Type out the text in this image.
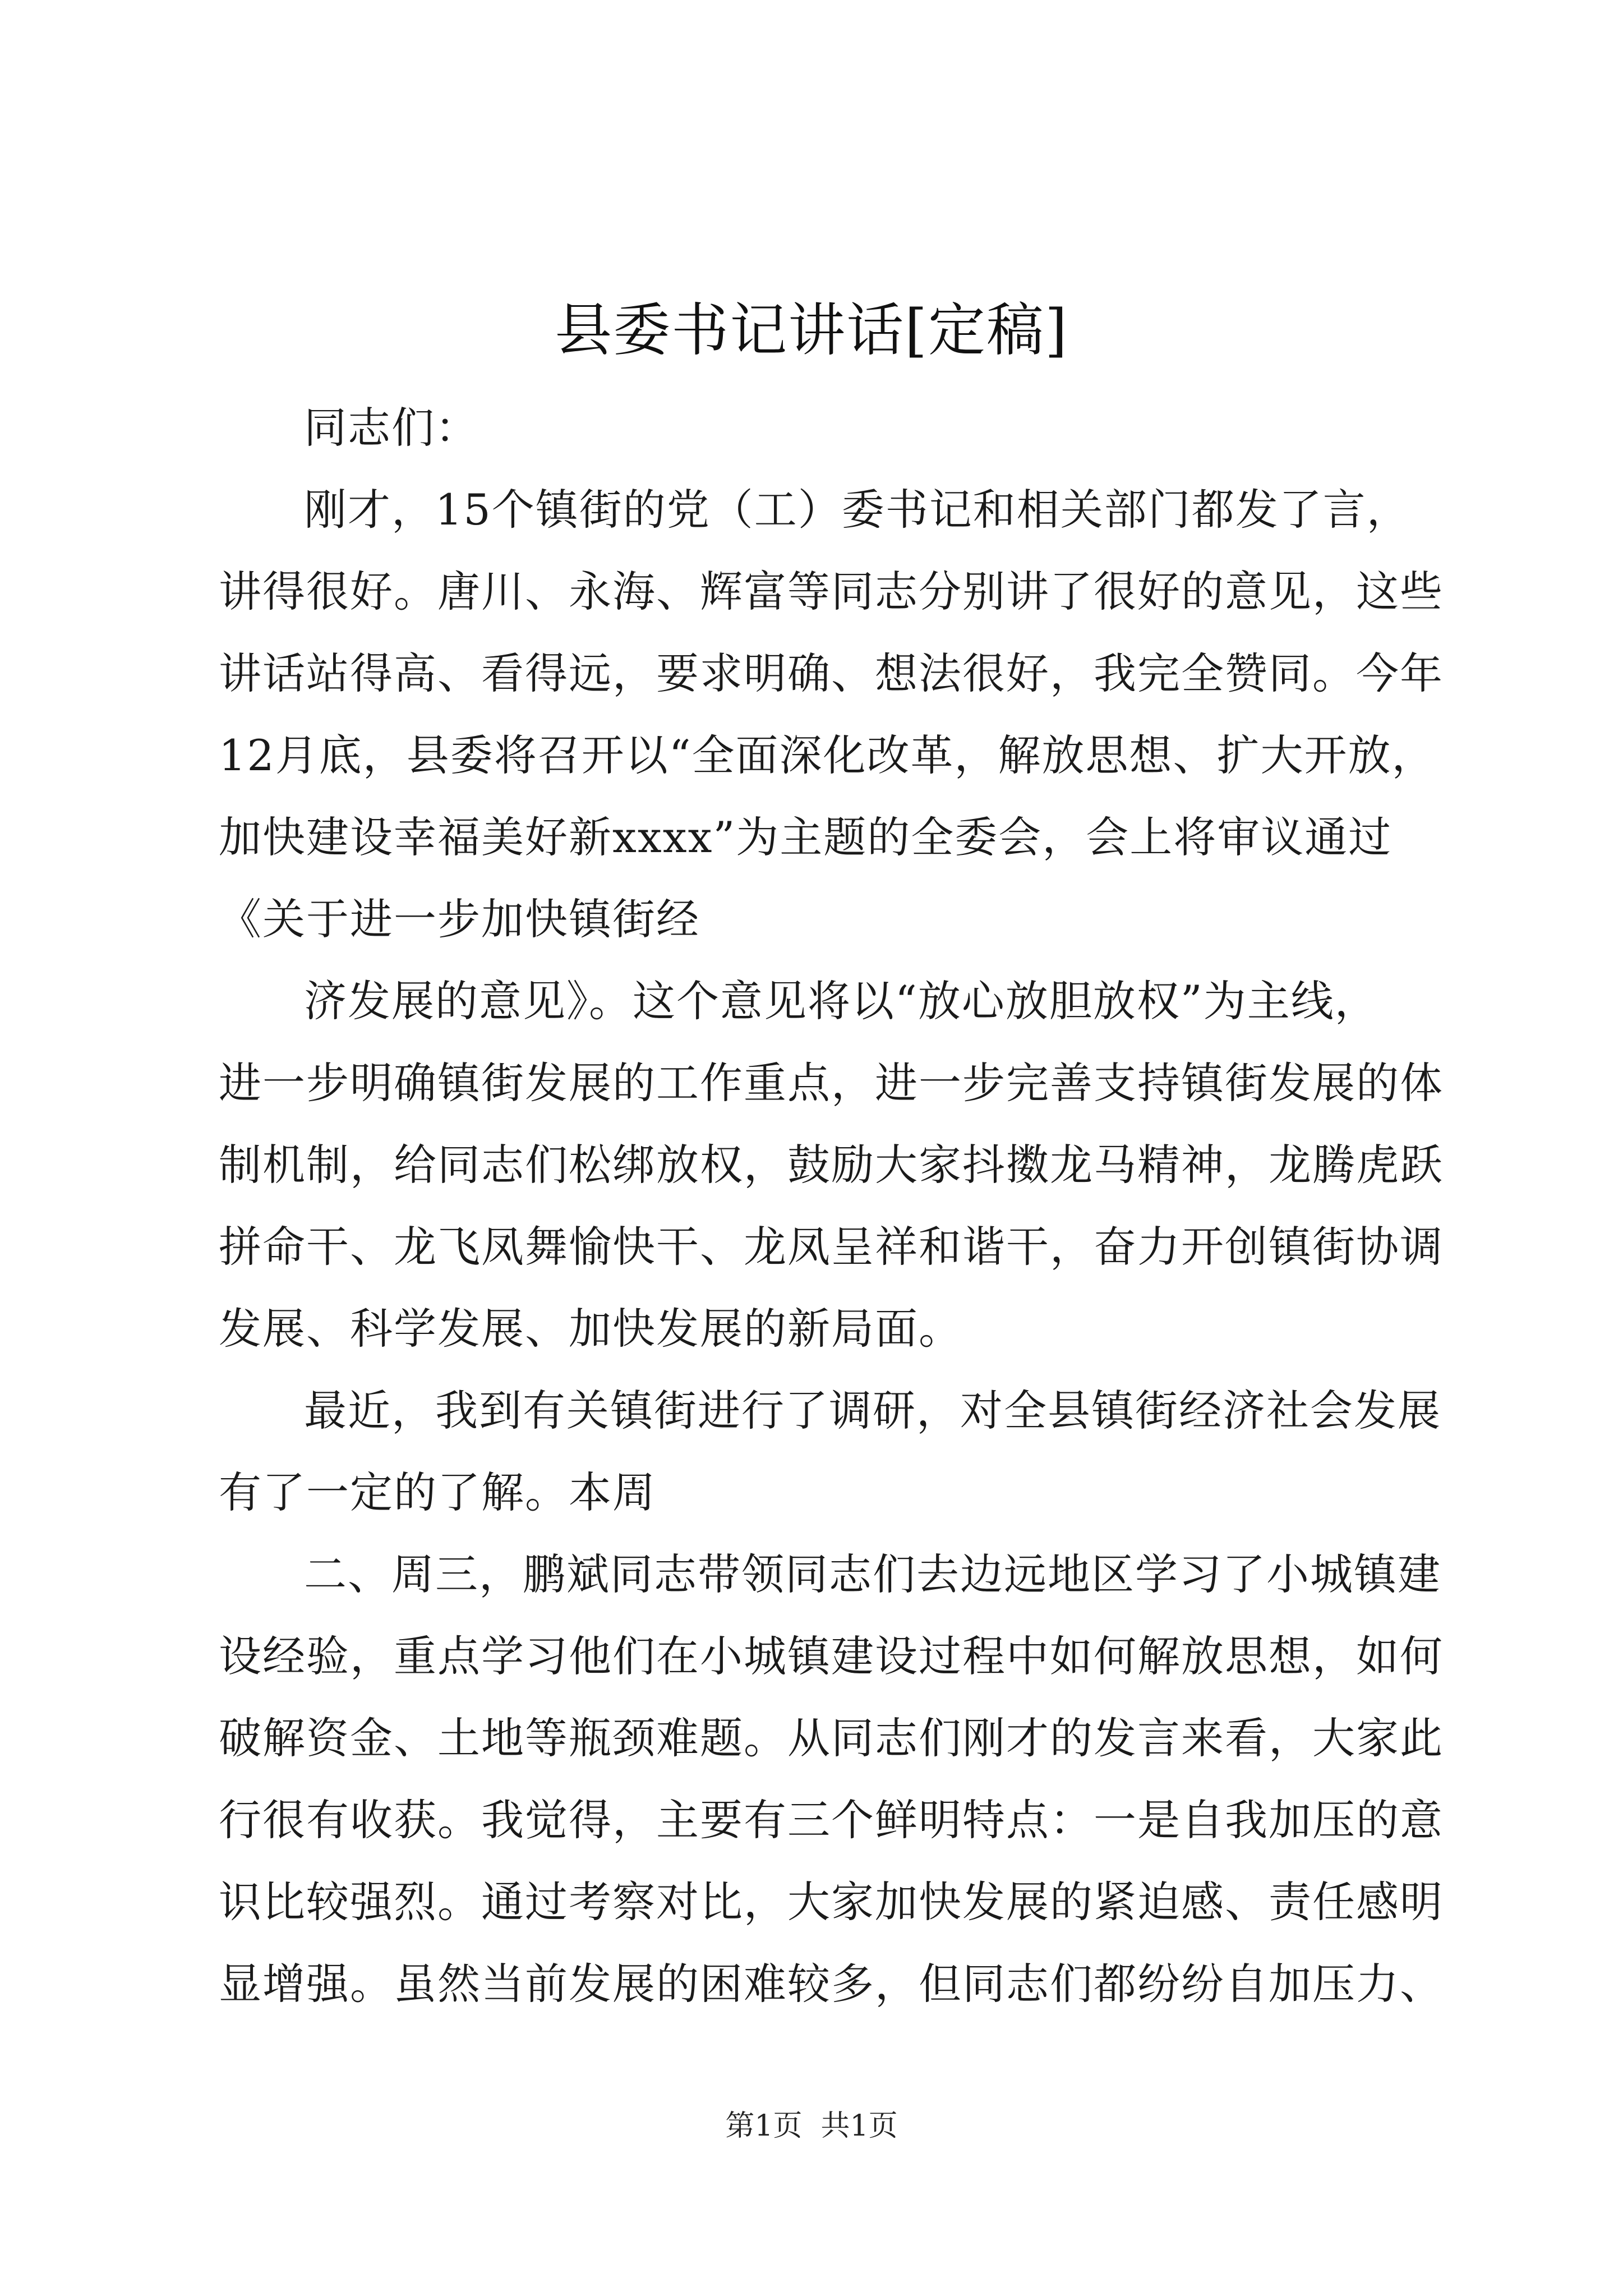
县委书记讲话[定稿]
同志们：
刚才，15个镇街的党（工）委书记和相关部门都发了言，
讲得很好。唐川、永海、辉富等同志分别讲了很好的意见，这些
讲话站得高、看得远，要求明确、想法很好，我完全赞同。今年
12月底，县委将召开以“全面深化改革，解放思想、扩大开放，
加快建设幸福美好新xxxx”为主题的全委会，会上将审议通过
《关于进一步加快镇街经
济发展的意见》。这个意见将以“放心放胆放权”为主线，
进一步明确镇街发展的工作重点，进一步完善支持镇街发展的体
制机制，给同志们松绑放权，鼓励大家抖擞龙马精神，龙腾虎跃
拼命干、龙飞凤舞愉快干、龙凤呈祥和谐干，奋力开创镇街协调
发展、科学发展、加快发展的新局面。
最近，我到有关镇街进行了调研，对全县镇街经济社会发展
有了一定的了解。本周
二、周三，鹏斌同志带领同志们去边远地区学习了小城镇建
设经验，重点学习他们在小城镇建设过程中如何解放思想，如何
破解资金、土地等瓶颈难题。从同志们刚才的发言来看，大家此
行很有收获。我觉得，主要有三个鲜明特点：一是自我加压的意
识比较强烈。通过考察对比，大家加快发展的紧迫感、责任感明
显增强。虽然当前发展的困难较多，但同志们都纷纷自加压力、
第1页  共1页
